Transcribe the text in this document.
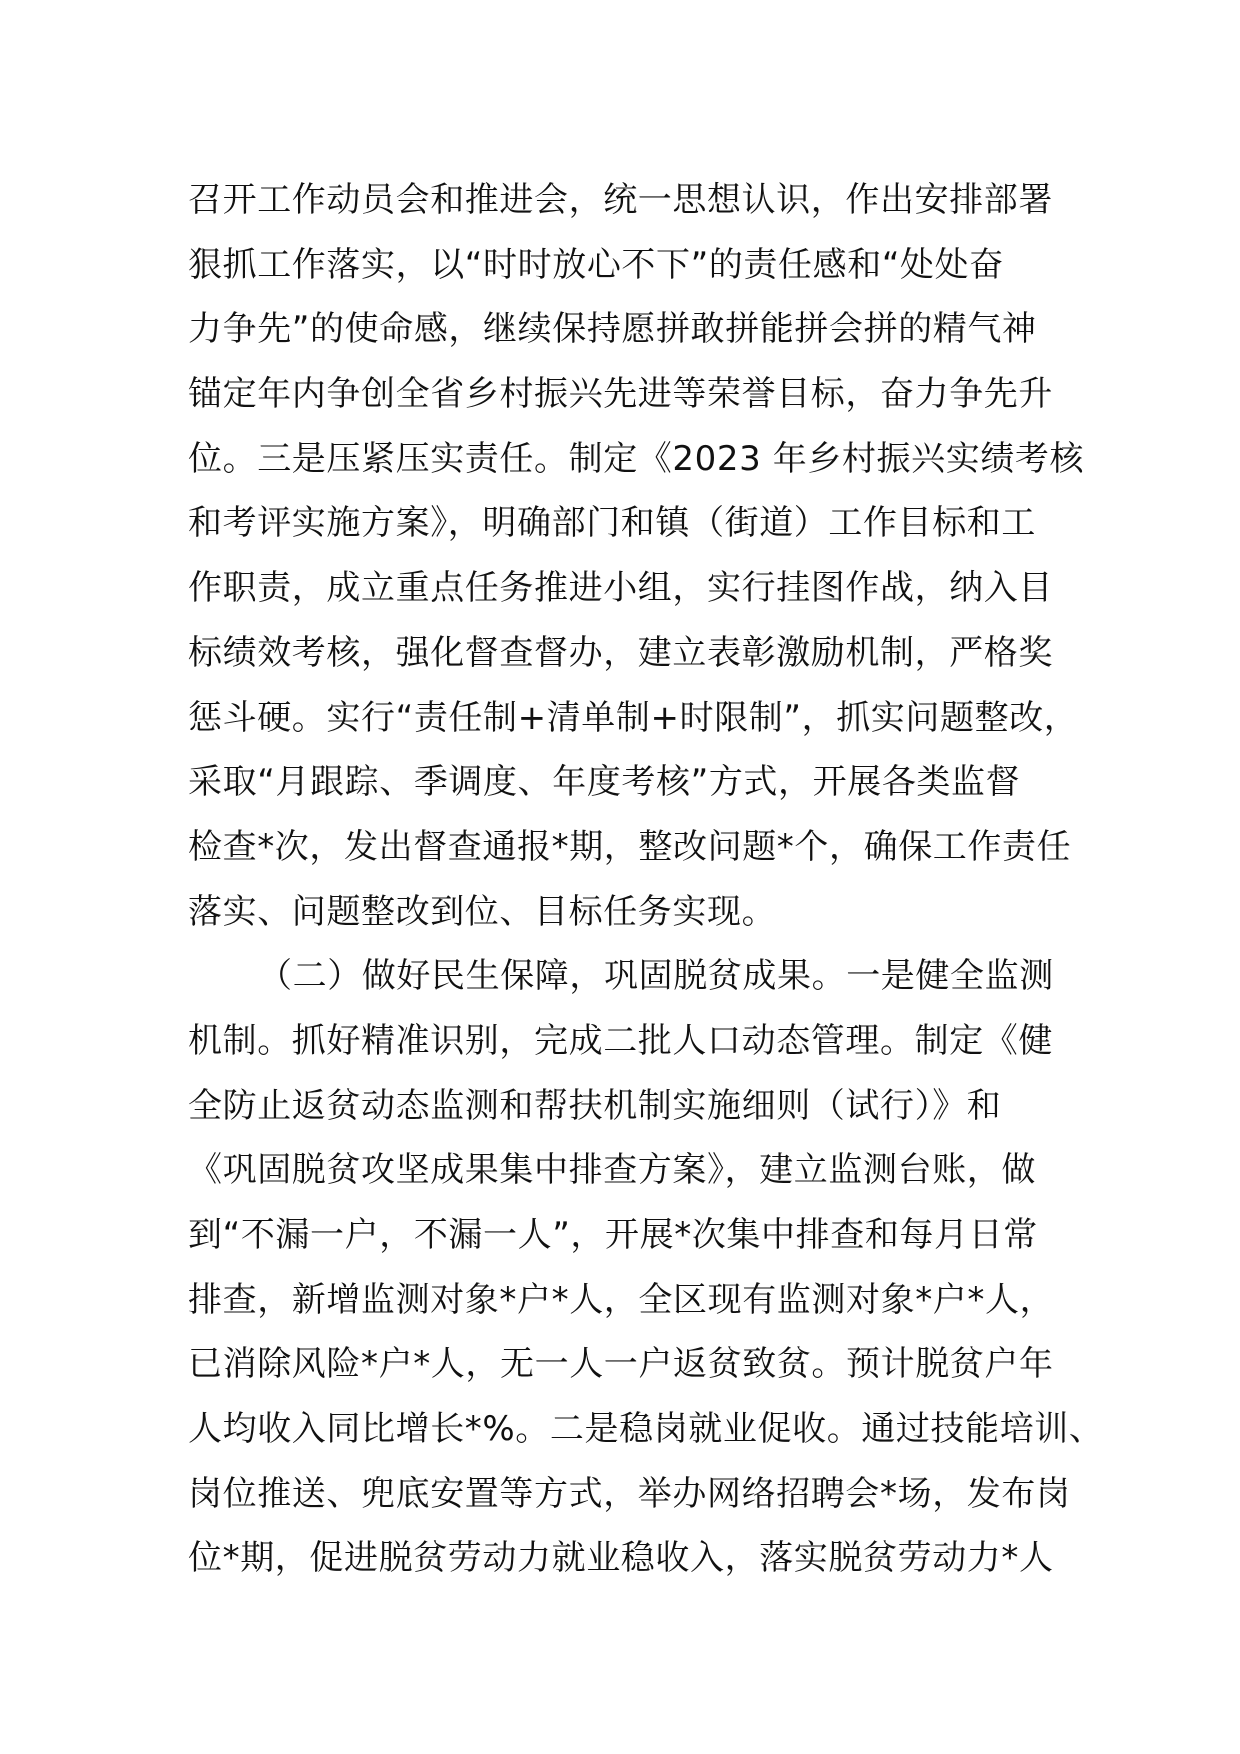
召开工作动员会和推进会，统一思想认识，作出安排部署
狠抓工作落实，以“时时放心不下”的责任感和“处处奋
力争先”的使命感，继续保持愿拼敢拼能拼会拼的精气神
锚定年内争创全省乡村振兴先进等荣誉目标，奋力争先升
位。三是压紧压实责任。制定《2023 年乡村振兴实绩考核
和考评实施方案》，明确部门和镇（街道）工作目标和工
作职责，成立重点任务推进小组，实行挂图作战，纳入目
标绩效考核，强化督查督办，建立表彰激励机制，严格奖
惩斗硬。实行“责任制+清单制+时限制”，抓实问题整改，
采取“月跟踪、季调度、年度考核”方式，开展各类监督
检查*次，发出督查通报*期，整改问题*个，确保工作责任
落实、问题整改到位、目标任务实现。
（二）做好民生保障，巩固脱贫成果。一是健全监测
机制。抓好精准识别，完成二批人口动态管理。制定《健
全防止返贫动态监测和帮扶机制实施细则（试行）》和
《巩固脱贫攻坚成果集中排查方案》，建立监测台账，做
到“不漏一户，不漏一人”，开展*次集中排查和每月日常
排查，新增监测对象*户*人，全区现有监测对象*户*人，
已消除风险*户*人，无一人一户返贫致贫。预计脱贫户年
人均收入同比增长*%。二是稳岗就业促收。通过技能培训、
岗位推送、兜底安置等方式，举办网络招聘会*场，发布岗
位*期，促进脱贫劳动力就业稳收入，落实脱贫劳动力*人
